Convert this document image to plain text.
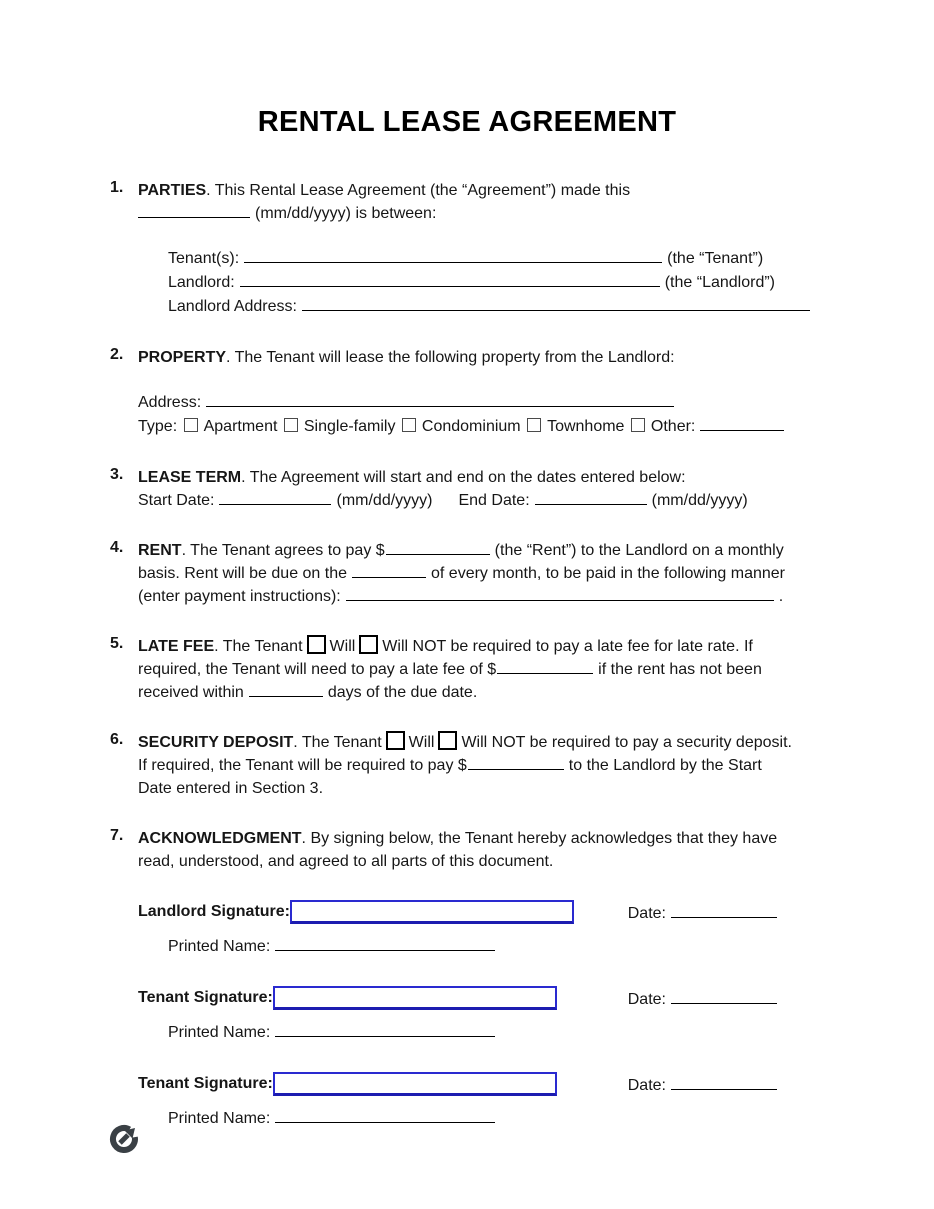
RENTAL LEASE AGREEMENT
1. PARTIES. This Rental Lease Agreement (the “Agreement”) made this
(mm/dd/yyyy) is between:
Tenant(s):	(the “Tenant”)
Landlord:	(the “Landlord”)
Landlord Address:
2. PROPERTY. The Tenant will lease the following property from the Landlord:
Address:
Type: Apartment Single-family Condominium Townhome Other:
3. LEASE TERM. The Agreement will start and end on the dates entered below:
Start Date:	(mm/dd/yyyy) End Date:	(mm/dd/yyyy)
4. RENT. The Tenant agrees to pay $	(the “Rent”) to the Landlord on a monthly
basis. Rent will be due on the	of every month, to be paid in the following manner
(enter payment instructions):	.
5. LATE FEE. The Tenant Will Will NOT be required to pay a late fee for late rate. If
required, the Tenant will need to pay a late fee of $	if the rent has not been
received within	days of the due date.
6. SECURITY DEPOSIT. The Tenant Will Will NOT be required to pay a security deposit.
If required, the Tenant will be required to pay $	to the Landlord by the Start
Date entered in Section 3.
7. ACKNOWLEDGMENT. By signing below, the Tenant hereby acknowledges that they have
read, understood, and agreed to all parts of this document.
Landlord Signature:	Date:
Printed Name:
Tenant Signature:	Date:
Printed Name:
Tenant Signature:	Date:
Printed Name:
